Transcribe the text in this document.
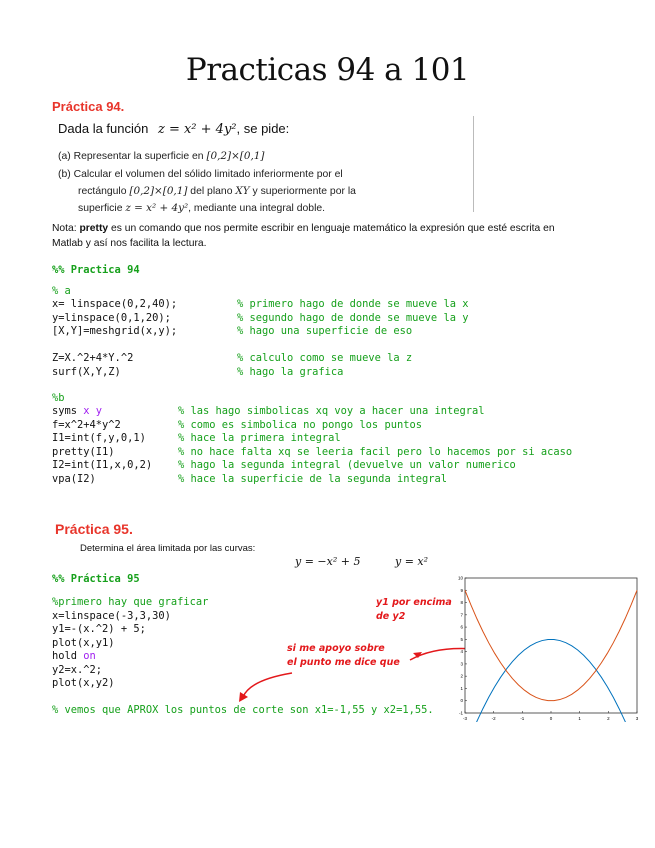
Practicas 94 a 101
Práctica 94.
Dada la función z = x² + 4y², se pide:
(a) Representar la superficie en [0,2]×[0,1]
(b) Calcular el volumen del sólido limitado inferiormente por el
rectángulo [0,2]×[0,1] del plano XY y superiormente por la
superficie z = x² + 4y², mediante una integral doble.
Nota: pretty es un comando que nos permite escribir en lenguaje matemático la expresión que esté escrita en
Matlab y así nos facilita la lectura.
%% Practica 94
% a
x= linspace(0,2,40);	% primero hago de donde se mueve la x
y=linspace(0,1,20);	% segundo hago de donde se mueve la y
[X,Y]=meshgrid(x,y);	% hago una superficie de eso
Z=X.^2+4*Y.^2	% calculo como se mueve la z
surf(X,Y,Z)	% hago la grafica
%b
syms x y	% las hago simbolicas xq voy a hacer una integral
f=x^2+4*y^2	% como es simbolica no pongo los puntos
I1=int(f,y,0,1)	% hace la primera integral
pretty(I1)	% no hace falta xq se leeria facil pero lo hacemos por si acaso
I2=int(I1,x,0,2) % hago la segunda integral (devuelve un valor numerico
vpa(I2)	% hace la superficie de la segunda integral
Práctica 95.
Determina el área limitada por las curvas:
y = −x² + 5	y = x²
%% Práctica 95
%primero hay que graficar
x=linspace(-3,3,30)
y1=-(x.^2) + 5;
plot(x,y1)
hold on
y2=x.^2;
plot(x,y2)
% vemos que APROX los puntos de corte son x1=-1,55 y x2=1,55.
y1 por encima
de y2
si me apoyo sobre
el punto me dice que
-3	-2	-1	0	1	2	3
-1
0
1
2
3
4
5
6
7
8
9
10
